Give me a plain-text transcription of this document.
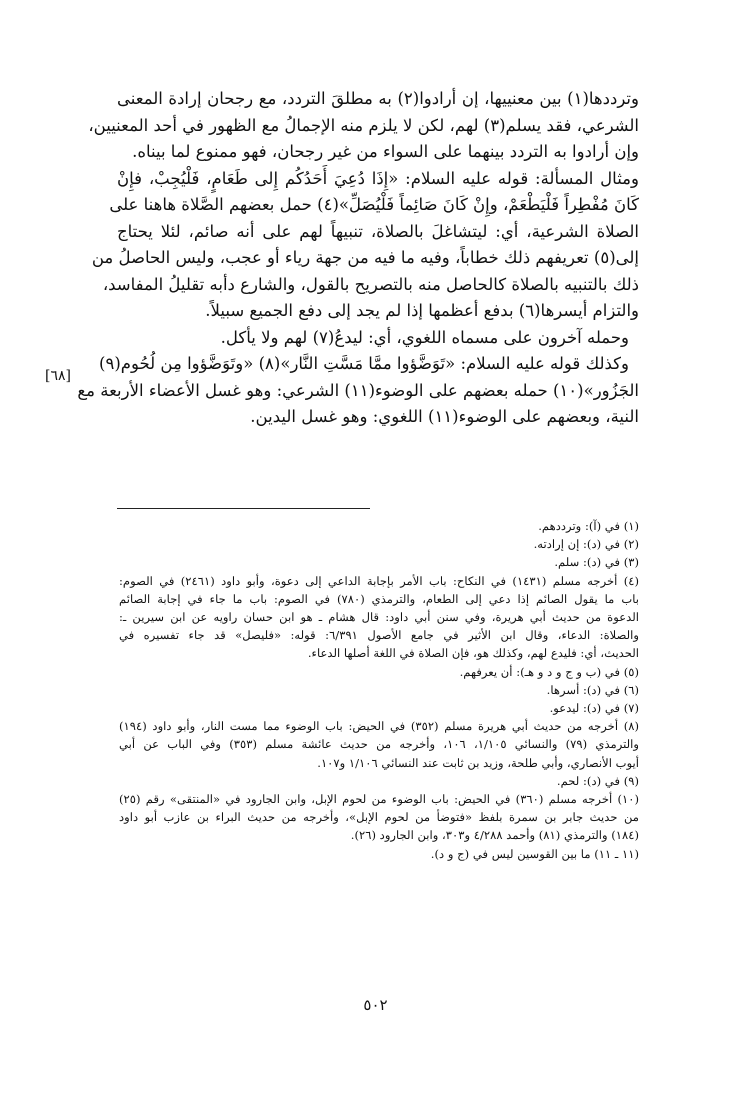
وترددها(١) بين معنييها، إن أرادوا(٢) به مطلقَ التردد، مع رجحان إرادة المعنى
الشرعي، فقد يسلم(٣) لهم، لكن لا يلزم منه الإجمالُ مع الظهور في أحد المعنيين،
وإن أرادوا به التردد بينهما على السواء من غير رجحان، فهو ممنوع لما بيناه.
ومثال المسألة: قوله عليه السلام: «إِذَا دُعِيَ أَحَدُكُم إِلى طَعَامٍ، فَلْيُجِبْ، فإِنْ
كَانَ مُفْطِراً فَلْيَطْعَمْ، وإِنْ كَانَ صَائِماً فَلْيُصَلِّ»(٤) حمل بعضهم الصَّلاة هاهنا على
الصلاة الشرعية، أي: ليتشاغلَ بالصلاة، تنبيهاً لهم على أنه صائم، لئلا يحتاج
إلى(٥) تعريفهم ذلك خطاباً، وفيه ما فيه من جهة رياء أو عجب، وليس الحاصلُ من
ذلك بالتنبيه بالصلاة كالحاصل منه بالتصريح بالقول، والشارع دأبه تقليلُ المفاسد،
والتزام أيسرها(٦) بدفع أعظمها إذا لم يجد إلى دفع الجميع سبيلاً.
وحمله آخرون على مسماه اللغوي، أي: ليدعُ(٧) لهم ولا يأكل.
وكذلك قوله عليه السلام: «تَوَضَّؤوا ممَّا مَسَّتِ النَّار»(٨) «وتَوَضَّؤوا مِن لُحُوم(٩)
الجَزُور»(١٠) حمله بعضهم على الوضوء(١١) الشرعي: وهو غسل الأعضاء الأربعة مع
النية، وبعضهم على الوضوء(١١) اللغوي: وهو غسل اليدين.
[٦٨]
(١) في (آ): وترددهم.
(٢) في (د): إن إرادته.
(٣) في (د): سلم.
(٤) أخرجه مسلم (١٤٣١) في النكاح: باب الأمر بإجابة الداعي إلى دعوة، وأبو داود (٢٤٦١) في الصوم:
باب ما يقول الصائم إذا دعي إلى الطعام، والترمذي (٧٨٠) في الصوم: باب ما جاء في إجابة الصائم
الدعوة من حديث أبي هريرة، وفي سنن أبي داود: قال هشام ـ هو ابن حسان راويه عن ابن سيرين ـ:
والصلاة: الدعاء، وقال ابن الأثير في جامع الأصول ٦/٣٩١: قوله: «فليصل» قد جاء تفسيره في
الحديث، أي: فليدع لهم، وكذلك هو، فإن الصلاة في اللغة أصلها الدعاء.
(٥) في (ب و ج و د و هـ): أن يعرفهم.
(٦) في (د): أسرها.
(٧) في (د): ليدعو.
(٨) أخرجه من حديث أبي هريرة مسلم (٣٥٢) في الحيض: باب الوضوء مما مست النار، وأبو داود (١٩٤)
والترمذي (٧٩) والنسائي ١/١٠٥، ١٠٦، وأخرجه من حديث عائشة مسلم (٣٥٣) وفي الباب عن أبي
أيوب الأنصاري، وأبي طلحة، وزيد بن ثابت عند النسائي ١/١٠٦ و١٠٧.
(٩) في (د): لحم.
(١٠) أخرجه مسلم (٣٦٠) في الحيض: باب الوضوء من لحوم الإبل، وابن الجارود في «المنتقى» رقم (٢٥)
من حديث جابر بن سمرة بلفظ «فتوضأ من لحوم الإبل»، وأخرجه من حديث البراء بن عازب أبو داود
(١٨٤) والترمذي (٨١) وأحمد ٤/٢٨٨ و٣٠٣، وابن الجارود (٢٦).
(١١ ـ ١١) ما بين القوسين ليس في (ج و د).
٥٠٢
